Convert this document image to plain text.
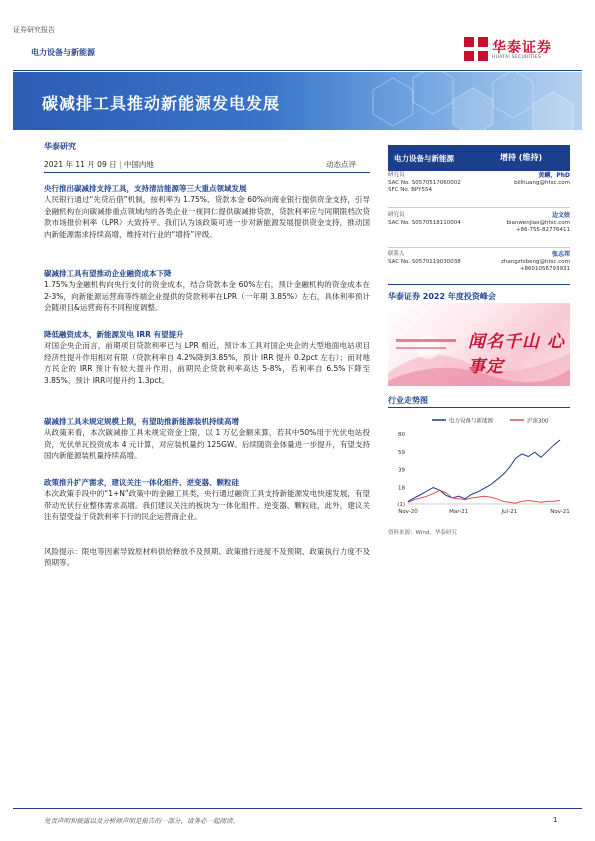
证券研究报告
电力设备与新能源	华泰证券
HUATAI SECURITIES
碳减排工具推动新能源发电发展
华泰研究
2021 年 11 月 09 日 | 中国内地	动态点评
央行推出碳减排支持工具，支持清洁能源等三大重点领域发展
人民银行通过“先贷后借”机制，按利率为 1.75%、贷款本金 60%向商业银行提供资金支持，引导金融机构在向碳减排重点领域内的各类企业一视同仁提供碳减排贷款，贷款利率应与同期限档次贷款市场报价利率（LPR）大致持平。我们认为该政策可进一步对新能源发展提供资金支持，推动国内新能源需求持续高增，维持对行业的“增持”评级。
碳减排工具有望推动企业融资成本下降
1.75%为金融机构向央行支付的资金成本，结合贷款本金 60%左右，预计金融机构的资金成本在 2-3%，向新能源运营商等终端企业提供的贷款利率在LPR（一年期 3.85%）左右，具体利率预计会随项目&运营商有不同程度调整。
降低融资成本，新能源发电 IRR 有望提升
对国企央企而言，前期项目贷款利率已与 LPR 相近，预计本工具对国企央企的大型地面电站项目经济性提升作用相对有限（贷款利率自 4.2%降到3.85%，预计 IRR 提升 0.2pct 左右）；而对地方民企的 IRR 预计有较大提升作用，前期民企贷款利率高达 5-8%，若利率自 6.5%下降至 3.85%，预计 IRR可提升约 1.3pct。
碳减排工具未规定规模上限，有望助推新能源装机持续高增
从政策来看，本次碳减排工具未规定资金上限，以 1 万亿金额来算，若其中50%用于光伏电站投资，光伏单瓦投资成本 4 元计算，对应装机量约 125GW。后续随资金体量进一步提升，有望支持国内新能源装机量持续高增。
政策推升扩产需求，建议关注一体化组件、逆变器、颗粒硅
本次政策手段中的“1+N”政策中的金融工具类，央行通过融资工具支持新能源发电快速发展，有望带动光伏行业整体需求高增。我们建议关注的板块为一体化组件、逆变器、颗粒硅，此外，建议关注有望受益于贷款利率下行的民企运营商企业。
风险提示：限电等因素导致原材料供给释放不及预期、政策推行进度不及预期、政策执行力度不及预期等。
电力设备与新能源	增持 (维持)
研究员	黄麟，PhD
SAC No. S0570517060002	billhuang@htsc.com
SFC No. BPY554
研究员	边文姣
SAC No. S0570518110004	bianwenjiao@htsc.com
+86-755-82776411
联系人	张志邦
SAC No. S0570119030038	zhangzhibeng@htsc.com
+8601056793931
华泰证券 2022 年度投资峰会
闻名千山 心事定
行业走势图
电力设备与新能源	沪深300
80
59
39
18
(1)
Nov-20	Mar-21	Jul-21	Nov-21
资料来源：Wind，华泰研究
免责声明和披露以及分析师声明是报告的一部分，请务必一起阅读。	1
